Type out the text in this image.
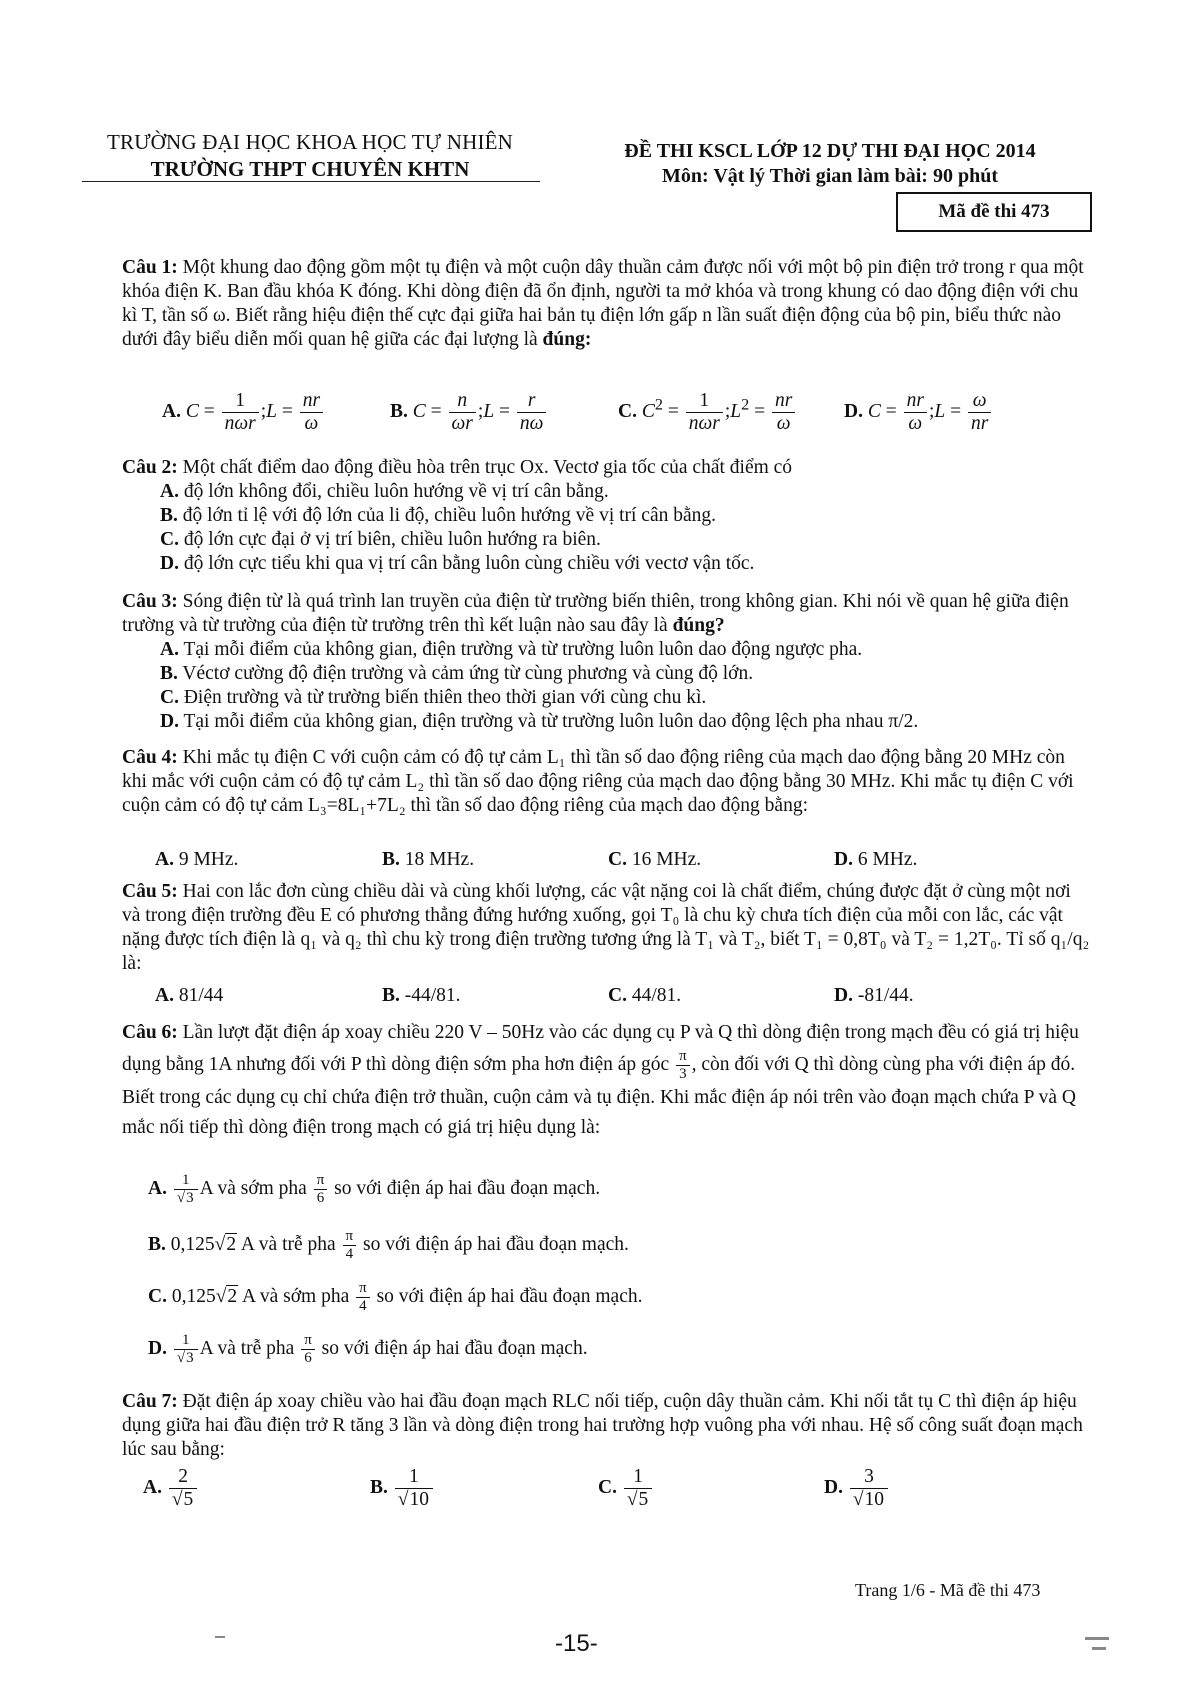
TRƯỜNG ĐẠI HỌC KHOA HỌC TỰ NHIÊN
TRƯỜNG THPT CHUYÊN KHTN
ĐỀ THI KSCL LỚP 12 DỰ THI ĐẠI HỌC 2014
Môn: Vật lý Thời gian làm bài: 90 phút
Mã đề thi 473

Câu 1: Một khung dao động gồm một tụ điện và một cuộn dây thuần cảm được nối với một bộ pin điện trở trong r qua một khóa điện K. Ban đầu khóa K đóng. Khi dòng điện đã ổn định, người ta mở khóa và trong khung có dao động điện với chu kì T, tần số ω. Biết rằng hiệu điện thế cực đại giữa hai bản tụ điện lớn gấp n lần suất điện động của bộ pin, biểu thức nào dưới đây biểu diễn mối quan hệ giữa các đại lượng là đúng:

A. $C = \frac{1}{\text{nωr}}$ ;L = $\frac{nr}{\omega}$	B. $C = \frac{n}{\omega r}$ ;L = $\frac{r}{n\omega}$	C. $C^2 = \frac{1}{\text{nωr}}$ $;L^2 = \frac{nr}{\omega} D$. $C = \frac{nr}{\omega}$ ;L = $\frac{\omega}{nr}$

Câu 2: Một chất điểm dao động điều hòa trên trục Ox. Vectơ gia tốc của chất điểm có

A. độ lớn không đổi, chiều luôn hướng về vị trí cân bằng.

B. độ lớn tỉ lệ với độ lớn của li độ, chiều luôn hướng về vị trí cân bằng.

C. độ lớn cực đại ở vị trí biên, chiều luôn hướng ra biên.

D. độ lớn cực tiểu khi qua vị trí cân bằng luôn cùng chiều với vectơ vận tốc.

Câu 3: Sóng điện từ là quá trình lan truyền của điện từ trường biến thiên, trong không gian. Khi nói về quan hệ giữa điện trường và từ trường của điện từ trường trên thì kết luận nào sau đây là đúng?

A. Tại mỗi điểm của không gian, điện trường và từ trường luôn luôn dao động ngược pha.

B. Véctơ cường độ điện trường và cảm ứng từ cùng phương và cùng độ lớn.

C. Điện trường và từ trường biến thiên theo thời gian với cùng chu kì.

D. Tại mỗi điểm của không gian, điện trường và từ trường luôn luôn dao động lệch pha nhau π/2.

Câu 4: Khi mắc tụ điện C với cuộn cảm có độ tự cảm L₁ thì tần số dao động riêng của mạch dao động bằng 20 MHz còn khi mắc với cuộn cảm có độ tự cảm L₂ thì tần số dao động riêng của mạch dao động bằng 30 MHz. Khi mắc tụ điện C với cuộn cảm có độ tự cảm L₃=8L₁+7L₂ thì tần số dao động riêng của mạch dao động bằng:

A. 9 MHz.	B. 18 MHz.	C. 16 MHz.	D. 6 MHz.

Câu 5: Hai con lắc đơn cùng chiều dài và cùng khối lượng, các vật nặng coi là chất điểm, chúng được đặt ở cùng một nơi và trong điện trường đều E có phương thẳng đứng hướng xuống, gọi T₀ là chu kỳ chưa tích điện của mỗi con lắc, các vật nặng được tích điện là q₁ và q₂ thì chu kỳ trong điện trường tương ứng là T₁ và T₂, biết T₁ = 0,8T₀ và T₂ = 1,2T₀. Tỉ số q₁/q₂ là:

A. 81/44	B. -44/81.	C. 44/81.	D. -81/44.

Câu 6: Lần lượt đặt điện áp xoay chiều 220 V – 50Hz vào các dụng cụ P và Q thì dòng điện trong mạch đều có giá trị hiệu dụng bằng 1A nhưng đối với P thì dòng điện sớm pha hơn điện áp góc $\frac{\pi}{3}$ , còn đối với Q thì dòng cùng pha với điện áp đó. Biết trong các dụng cụ chỉ chứa điện trở thuần, cuộn cảm và tụ điện. Khi mắc điện áp nói trên vào đoạn mạch chứa P và Q mắc nối tiếp thì dòng điện trong mạch có giá trị hiệu dụng là:

A. $\frac{1}{√3}$ A và sớm pha $\frac{\pi}{6}$ so với điện áp hai đầu đoạn mạch.
B. 0,125√2 A và trễ pha $\frac{\pi}{4}$ so với điện áp hai đầu đoạn mạch.
C. 0,125√2 A và sớm pha $\frac{\pi}{4}$ so với điện áp hai đầu đoạn mạch.
D. $\frac{1}{√3}$ A và trễ pha $\frac{\pi}{6}$ so với điện áp hai đầu đoạn mạch.

Câu 7: Đặt điện áp xoay chiều vào hai đầu đoạn mạch RLC nối tiếp, cuộn dây thuần cảm. Khi nối tắt tụ C thì điện áp hiệu dụng giữa hai đầu điện trở R tăng 3 lần và dòng điện trong hai trường hợp vuông pha với nhau. Hệ số công suất đoạn mạch lúc sau bằng:

A. $\frac{2}{√5}$	B. $\frac{1}{√10}$	C. $\frac{1}{√5}$	D. $\frac{3}{√10}$
Trang 1/6 - Mã đề thi 473
-15-
